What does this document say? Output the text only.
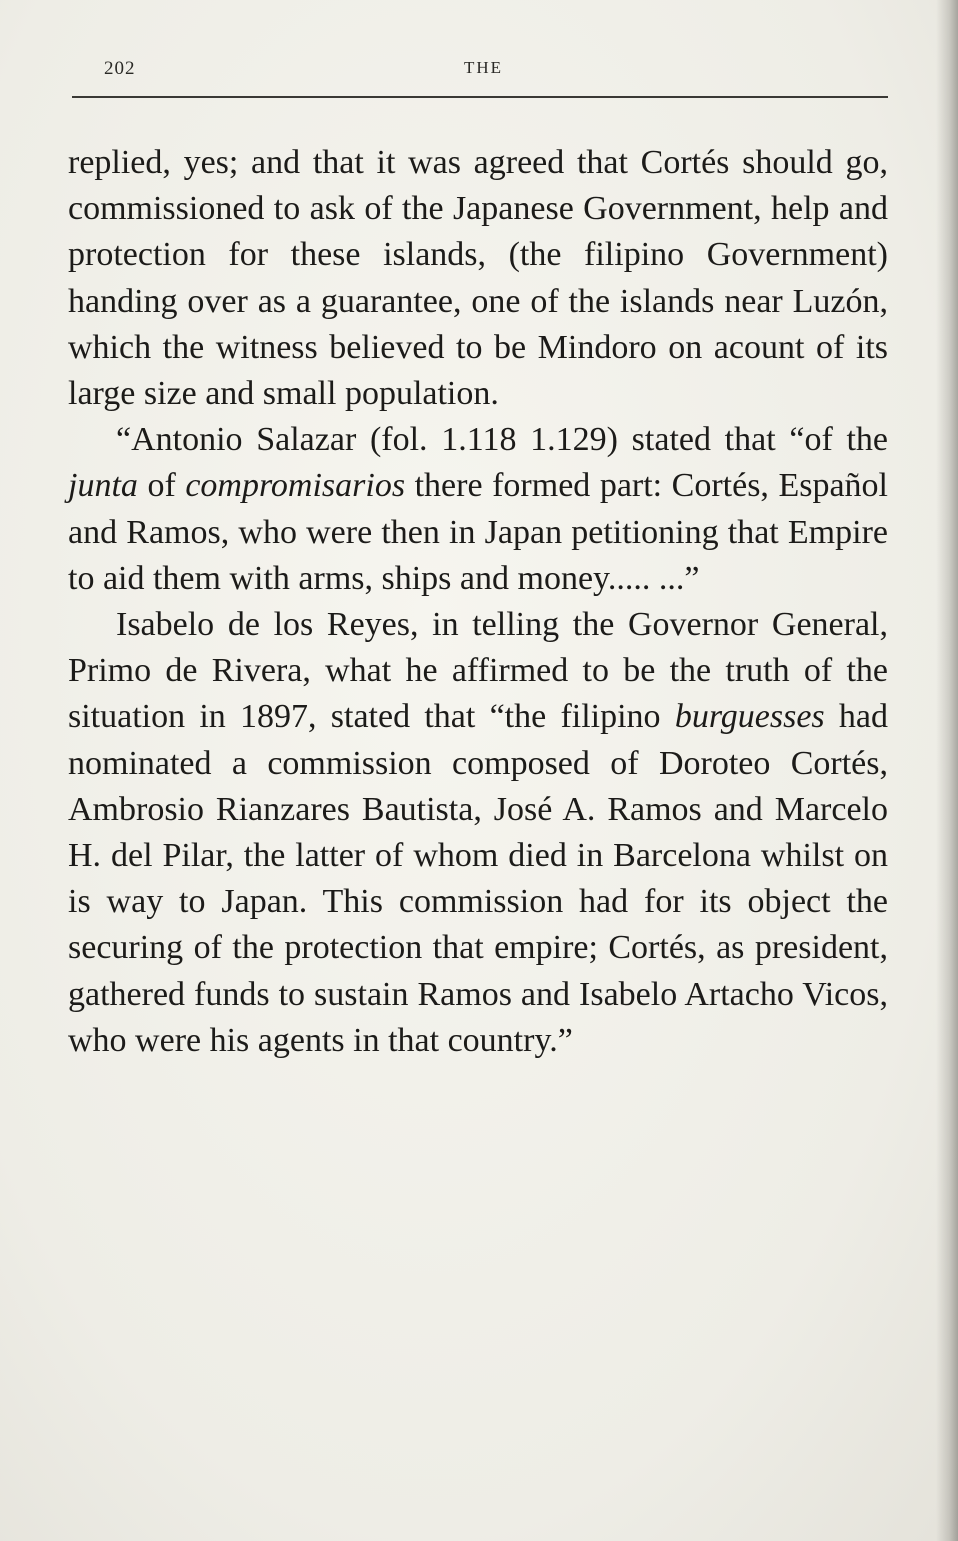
202	THE

replied, yes; and that it was agreed that Cortés should go, commissioned to ask of the Japanese Government, help and protection for these islands, (the filipino Government) handing over as a guarantee, one of the islands near Luzón, which the witness believed to be Mindoro on acount of its large size and small population.

“Antonio Salazar (fol. 1.118 1.129) stated that “of the junta of compromisarios there formed part: Cortés, Español and Ramos, who were then in Japan petitioning that Empire to aid them with arms, ships and money..... ...”

Isabelo de los Reyes, in telling the Governor General, Primo de Rivera, what he affirmed to be the truth of the situation in 1897, stated that “the filipino burguesses had nominated a commission composed of Doroteo Cortés, Ambrosio Rianzares Bautista, José A. Ramos and Marcelo H. del Pilar, the latter of whom died in Barcelona whilst on is way to Japan. This commission had for its object the securing of the protection that empire; Cortés, as president, gathered funds to sustain Ramos and Isabelo Artacho Vicos, who were his agents in that country.”
